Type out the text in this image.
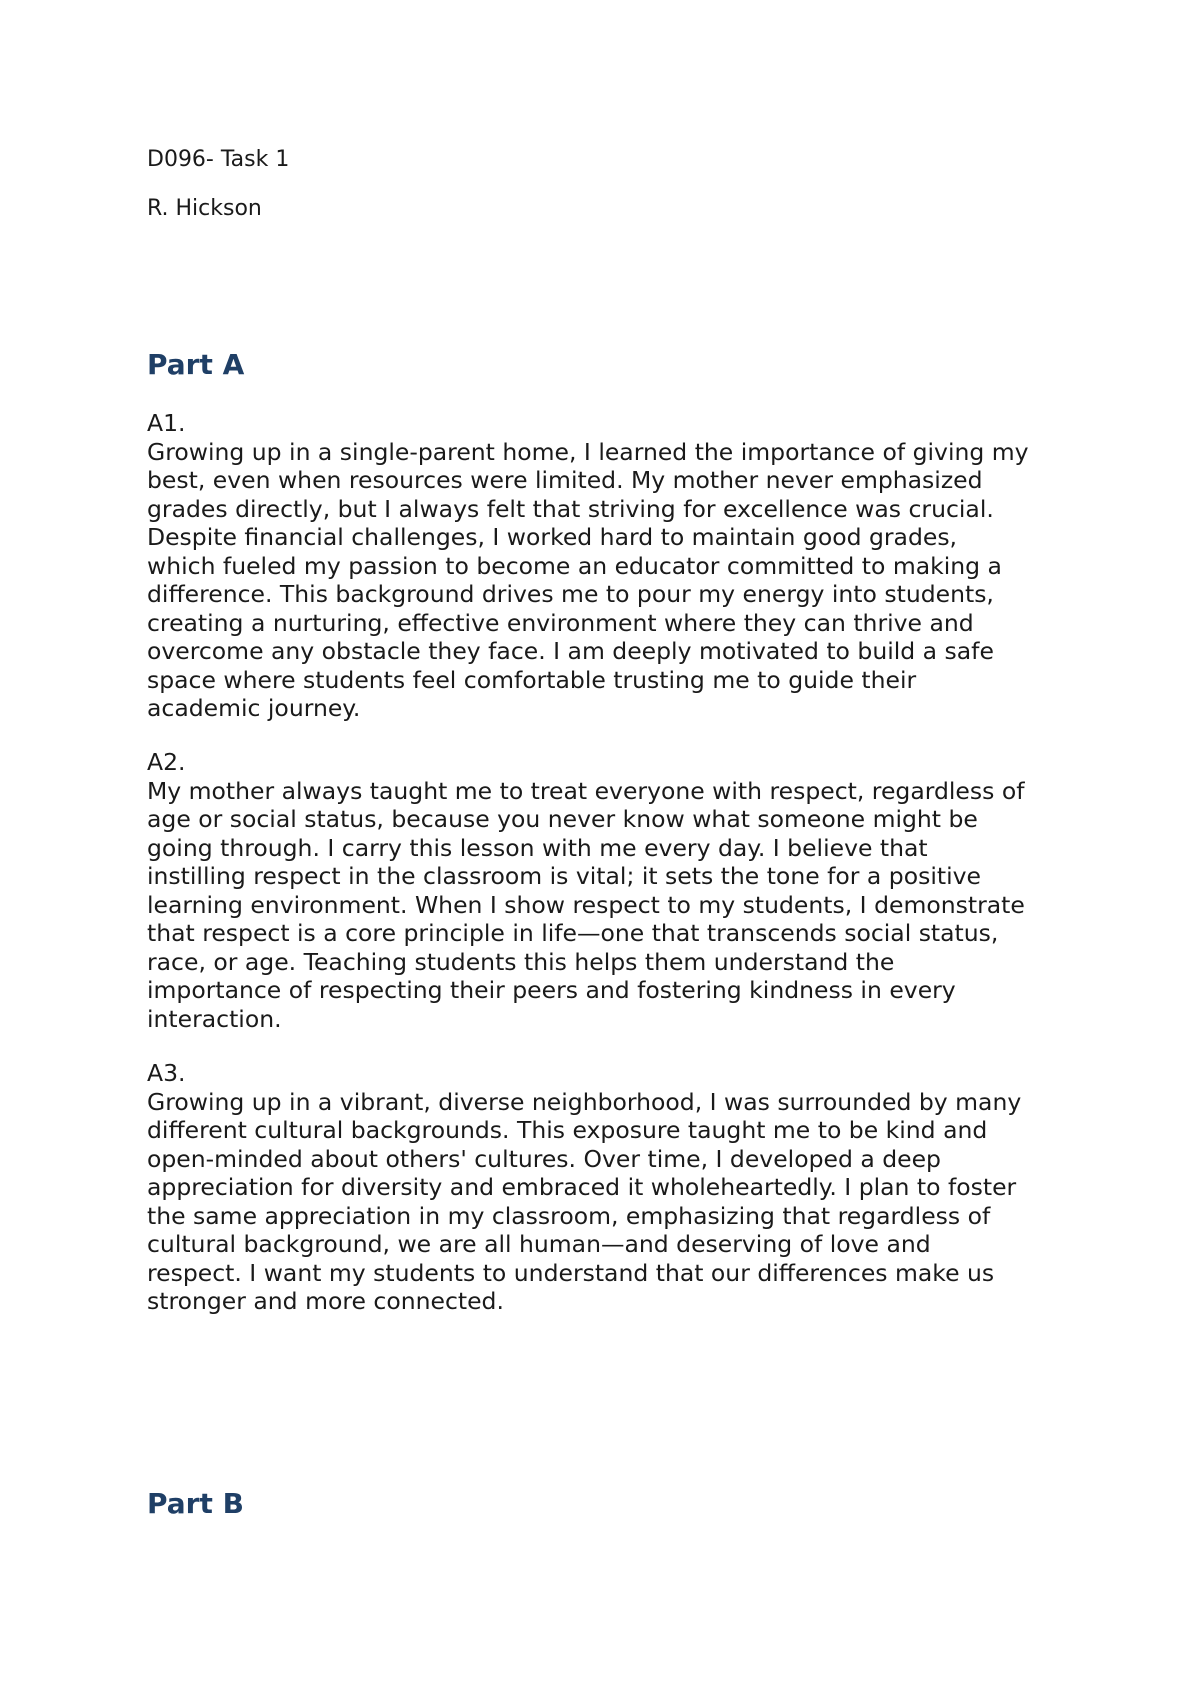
D096- Task 1

R. Hickson

Part A
A1.

Growing up in a single-parent home, I learned the importance of giving my
best, even when resources were limited. My mother never emphasized
grades directly, but I always felt that striving for excellence was crucial.
Despite financial challenges, I worked hard to maintain good grades,
which fueled my passion to become an educator committed to making a
difference. This background drives me to pour my energy into students,
creating a nurturing, effective environment where they can thrive and
overcome any obstacle they face. I am deeply motivated to build a safe
space where students feel comfortable trusting me to guide their
academic journey.

A2.

My mother always taught me to treat everyone with respect, regardless of
age or social status, because you never know what someone might be
going through. I carry this lesson with me every day. I believe that
instilling respect in the classroom is vital; it sets the tone for a positive
learning environment. When I show respect to my students, I demonstrate
that respect is a core principle in life—one that transcends social status,
race, or age. Teaching students this helps them understand the
importance of respecting their peers and fostering kindness in every
interaction.

A3.

Growing up in a vibrant, diverse neighborhood, I was surrounded by many
different cultural backgrounds. This exposure taught me to be kind and
open-minded about others' cultures. Over time, I developed a deep
appreciation for diversity and embraced it wholeheartedly. I plan to foster
the same appreciation in my classroom, emphasizing that regardless of
cultural background, we are all human—and deserving of love and
respect. I want my students to understand that our differences make us
stronger and more connected.

Part B
